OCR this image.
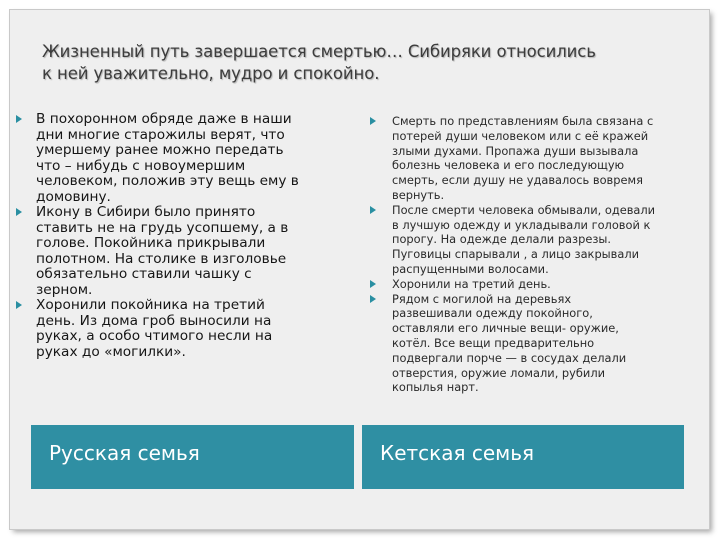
Жизненный путь завершается смертью… Сибиряки относились
к ней уважительно, мудро и спокойно.
В похоронном обряде даже в наши
дни многие старожилы верят, что
умершему ранее можно передать
что – нибудь с новоумершим
человеком, положив эту вещь ему в
домовину.
Икону в Сибири было принято
ставить не на грудь усопшему, а в
голове. Покойника прикрывали
полотном. На столике в изголовье
обязательно ставили чашку с
зерном.
Хоронили покойника на третий
день. Из дома гроб выносили на
руках, а особо чтимого несли на
руках до «могилки».
Смерть по представлениям была связана с
потерей души человеком или с её кражей
злыми духами. Пропажа души вызывала
болезнь человека и его последующую
смерть, если душу не удавалось вовремя
вернуть.
После смерти человека обмывали, одевали
в лучшую одежду и укладывали головой к
порогу. На одежде делали разрезы.
Пуговицы спарывали , а лицо закрывали
распущенными волосами.
Хоронили на третий день.
Рядом с могилой на деревьях
развешивали одежду покойного,
оставляли его личные вещи- оружие,
котёл. Все вещи предварительно
подвергали порче — в сосудах делали
отверстия, оружие ломали, рубили
копылья нарт.
Русская семья	Кетская семья
